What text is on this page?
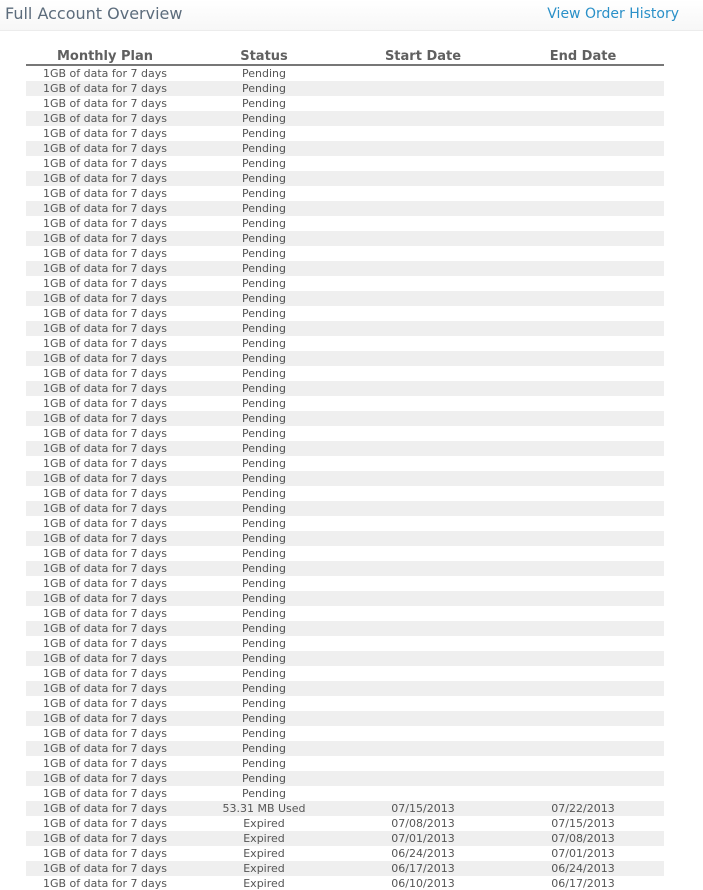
Full Account Overview	View Order History
Monthly Plan	Status	Start Date	End Date
1GB of data for 7 days	Pending		
1GB of data for 7 days	Pending		
1GB of data for 7 days	Pending		
1GB of data for 7 days	Pending		
1GB of data for 7 days	Pending		
1GB of data for 7 days	Pending		
1GB of data for 7 days	Pending		
1GB of data for 7 days	Pending		
1GB of data for 7 days	Pending		
1GB of data for 7 days	Pending		
1GB of data for 7 days	Pending		
1GB of data for 7 days	Pending		
1GB of data for 7 days	Pending		
1GB of data for 7 days	Pending		
1GB of data for 7 days	Pending		
1GB of data for 7 days	Pending		
1GB of data for 7 days	Pending		
1GB of data for 7 days	Pending		
1GB of data for 7 days	Pending		
1GB of data for 7 days	Pending		
1GB of data for 7 days	Pending		
1GB of data for 7 days	Pending		
1GB of data for 7 days	Pending		
1GB of data for 7 days	Pending		
1GB of data for 7 days	Pending		
1GB of data for 7 days	Pending		
1GB of data for 7 days	Pending		
1GB of data for 7 days	Pending		
1GB of data for 7 days	Pending		
1GB of data for 7 days	Pending		
1GB of data for 7 days	Pending		
1GB of data for 7 days	Pending		
1GB of data for 7 days	Pending		
1GB of data for 7 days	Pending		
1GB of data for 7 days	Pending		
1GB of data for 7 days	Pending		
1GB of data for 7 days	Pending		
1GB of data for 7 days	Pending		
1GB of data for 7 days	Pending		
1GB of data for 7 days	Pending		
1GB of data for 7 days	Pending		
1GB of data for 7 days	Pending		
1GB of data for 7 days	Pending		
1GB of data for 7 days	Pending		
1GB of data for 7 days	Pending		
1GB of data for 7 days	Pending		
1GB of data for 7 days	Pending		
1GB of data for 7 days	Pending		
1GB of data for 7 days	Pending		
1GB of data for 7 days	53.31 MB Used	07/15/2013	07/22/2013
1GB of data for 7 days	Expired	07/08/2013	07/15/2013
1GB of data for 7 days	Expired	07/01/2013	07/08/2013
1GB of data for 7 days	Expired	06/24/2013	07/01/2013
1GB of data for 7 days	Expired	06/17/2013	06/24/2013
1GB of data for 7 days	Expired	06/10/2013	06/17/2013
